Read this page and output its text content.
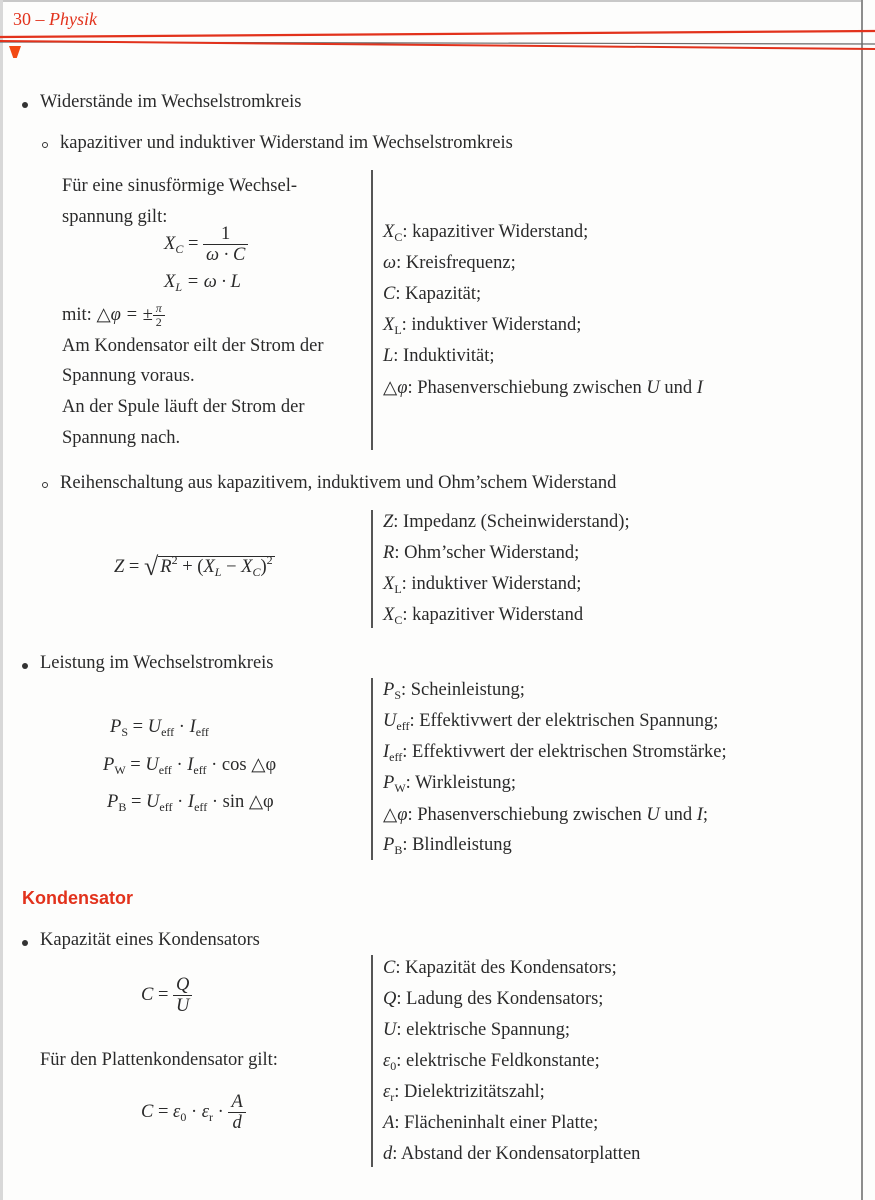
30 – Physik
Widerstände im Wechselstromkreis
kapazitiver und induktiver Widerstand im Wechselstromkreis
Für eine sinusförmige Wechsel-
spannung gilt:
$X_C = \frac{1}{\omega \cdot C}$
$X_L = \omega \cdot L$
mit: △φ = ± $\frac{\pi}{2}$
Am Kondensator eilt der Strom der
Spannung voraus.
An der Spule läuft der Strom der
Spannung nach.
$X_C$: kapazitiver Widerstand;
ω: Kreisfrequenz;
C: Kapazität;
$X_L$: induktiver Widerstand;
L: Induktivität;
△φ: Phasenverschiebung zwischen U und I
Reihenschaltung aus kapazitivem, induktivem und Ohm’schem Widerstand
Z = √ $R^2 + (X_L - X_C)^2$
Z: Impedanz (Scheinwiderstand);
R: Ohm’scher Widerstand;
$X_L$: induktiver Widerstand;
$X_C$: kapazitiver Widerstand
Leistung im Wechselstromkreis
$P_S = U_{eff} \cdot I_{eff}$
$P_W = U_{eff} \cdot I_{eff} \cdot \cos$ △φ
$P_B = U_{eff} \cdot I_{eff} \cdot \sin$ △φ
$P_S$: Scheinleistung;
$U_{eff}$: Effektivwert der elektrischen Spannung;
$I_{eff}$: Effektivwert der elektrischen Stromstärke;
$P_W$: Wirkleistung;
△φ: Phasenverschiebung zwischen U und I;
$P_B$: Blindleistung
Kondensator
Kapazität eines Kondensators
$C = \frac{Q}{U}$
Für den Plattenkondensator gilt:
$C = \varepsilon_0 \cdot \varepsilon_r \cdot \frac{A}{d}$
C: Kapazität des Kondensators;
Q: Ladung des Kondensators;
U: elektrische Spannung;
$\varepsilon_0$: elektrische Feldkonstante;
$\varepsilon_r$: Dielektrizitätszahl;
A: Flächeninhalt einer Platte;
d: Abstand der Kondensatorplatten
